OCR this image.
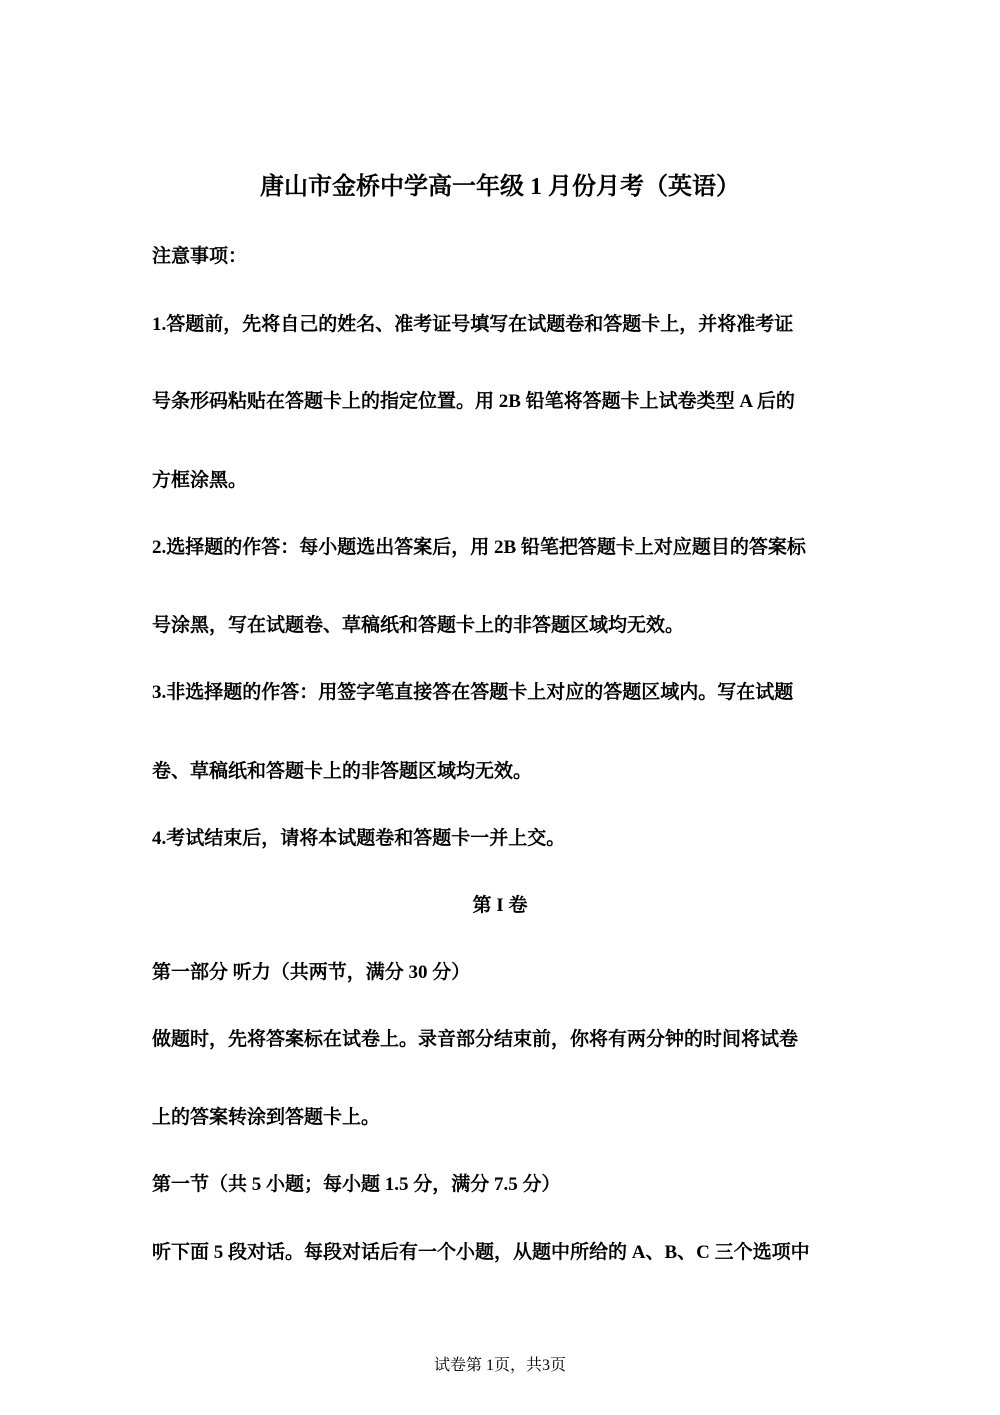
唐山市金桥中学高一年级 1 月份月考（英语）
注意事项：
1.答题前，先将自己的姓名、准考证号填写在试题卷和答题卡上，并将准考证
号条形码粘贴在答题卡上的指定位置。用 2B 铅笔将答题卡上试卷类型 A 后的
方框涂黑。
2.选择题的作答：每小题选出答案后，用 2B 铅笔把答题卡上对应题目的答案标
号涂黑，写在试题卷、草稿纸和答题卡上的非答题区域均无效。
3.非选择题的作答：用签字笔直接答在答题卡上对应的答题区域内。写在试题
卷、草稿纸和答题卡上的非答题区域均无效。
4.考试结束后，请将本试题卷和答题卡一并上交。
第 I 卷
第一部分 听力（共两节，满分 30 分）
做题时，先将答案标在试卷上。录音部分结束前，你将有两分钟的时间将试卷
上的答案转涂到答题卡上。
第一节（共 5 小题；每小题 1.5 分，满分 7.5 分）
听下面 5 段对话。每段对话后有一个小题，从题中所给的 A、B、C 三个选项中
试卷第 1页，共3页
